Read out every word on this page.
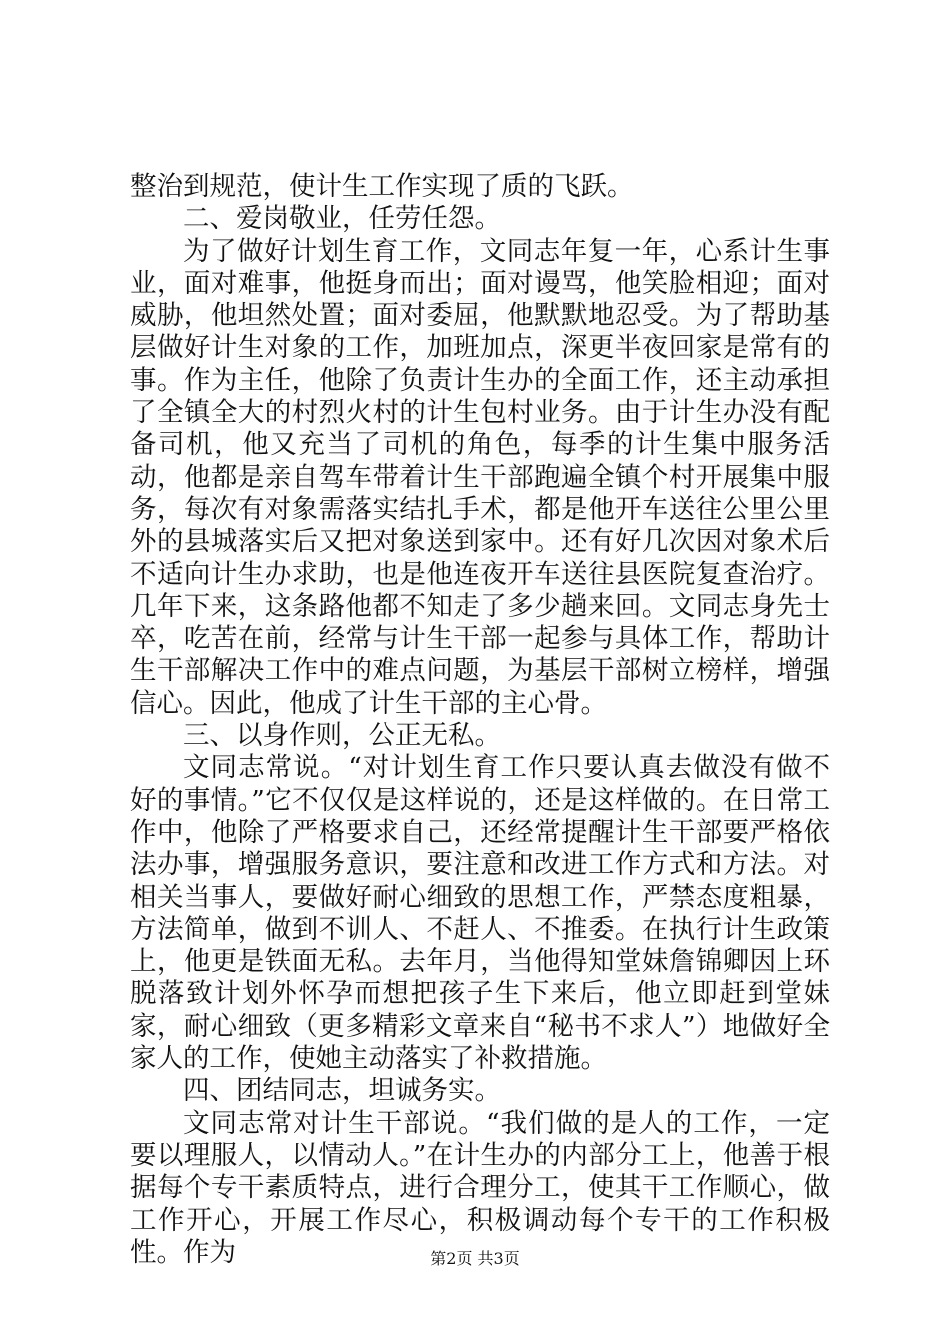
整治到规范，使计生工作实现了质的飞跃。

二、爱岗敬业，任劳任怨。

为了做好计划生育工作，文同志年复一年，心系计生事业，面对难事，他挺身而出；面对谩骂，他笑脸相迎；面对威胁，他坦然处置；面对委屈，他默默地忍受。为了帮助基层做好计生对象的工作，加班加点，深更半夜回家是常有的事。作为主任，他除了负责计生办的全面工作，还主动承担了全镇全大的村烈火村的计生包村业务。由于计生办没有配备司机，他又充当了司机的角色，每季的计生集中服务活动，他都是亲自驾车带着计生干部跑遍全镇个村开展集中服务，每次有对象需落实结扎手术，都是他开车送往公里公里外的县城落实后又把对象送到家中。还有好几次因对象术后不适向计生办求助，也是他连夜开车送往县医院复查治疗。几年下来，这条路他都不知走了多少趟来回。文同志身先士卒，吃苦在前，经常与计生干部一起参与具体工作，帮助计生干部解决工作中的难点问题，为基层干部树立榜样，增强信心。因此，他成了计生干部的主心骨。

三、以身作则，公正无私。

文同志常说。“对计划生育工作只要认真去做没有做不好的事情。”它不仅仅是这样说的，还是这样做的。在日常工作中，他除了严格要求自己，还经常提醒计生干部要严格依法办事，增强服务意识，要注意和改进工作方式和方法。对相关当事人，要做好耐心细致的思想工作，严禁态度粗暴，方法简单，做到不训人、不赶人、不推委。在执行计生政策上，他更是铁面无私。去年月，当他得知堂妹詹锦卿因上环脱落致计划外怀孕而想把孩子生下来后，他立即赶到堂妹家，耐心细致（更多精彩文章来自“秘书不求人”）地做好全家人的工作，使她主动落实了补救措施。

四、团结同志，坦诚务实。

文同志常对计生干部说。“我们做的是人的工作，一定要以理服人，以情动人。”在计生办的内部分工上，他善于根据每个专干素质特点，进行合理分工，使其干工作顺心，做工作开心，开展工作尽心，积极调动每个专干的工作积极性。作为	第2页 共3页
